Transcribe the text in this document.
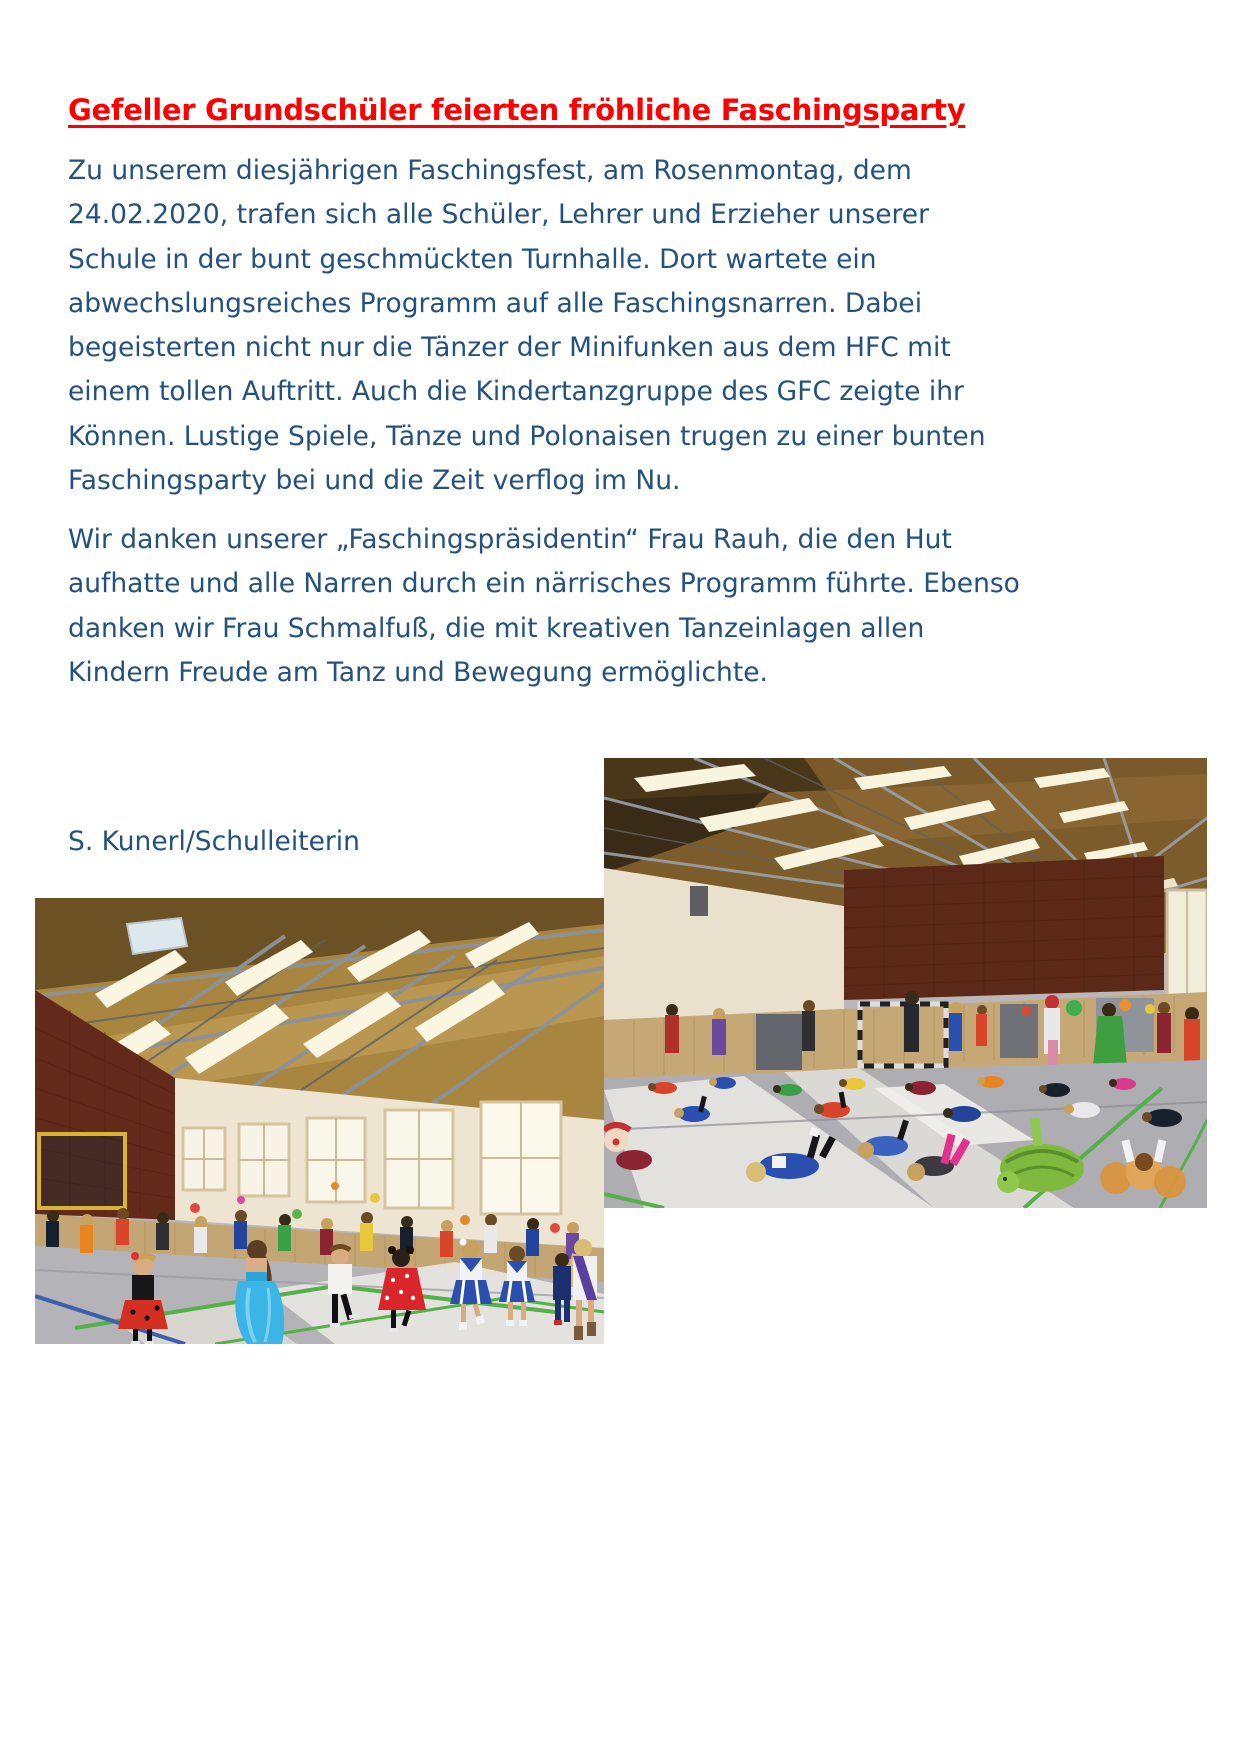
Gefeller Grundschüler feierten fröhliche Faschingsparty

Zu unserem diesjährigen Faschingsfest, am Rosenmontag, dem 24.02.2020, trafen sich alle Schüler, Lehrer und Erzieher unserer Schule in der bunt geschmückten Turnhalle. Dort wartete ein abwechslungsreiches Programm auf alle Faschingsnarren. Dabei begeisterten nicht nur die Tänzer der Minifunken aus dem HFC mit einem tollen Auftritt. Auch die Kindertanzgruppe des GFC zeigte ihr Können. Lustige Spiele, Tänze und Polonaisen trugen zu einer bunten Faschingsparty bei und die Zeit verflog im Nu.

Wir danken unserer „Faschingspräsidentin“ Frau Rauh, die den Hut aufhatte und alle Narren durch ein närrisches Programm führte. Ebenso danken wir Frau Schmalfuß, die mit kreativen Tanzeinlagen allen Kindern Freude am Tanz und Bewegung ermöglichte.

S. Kunerl/Schulleiterin
